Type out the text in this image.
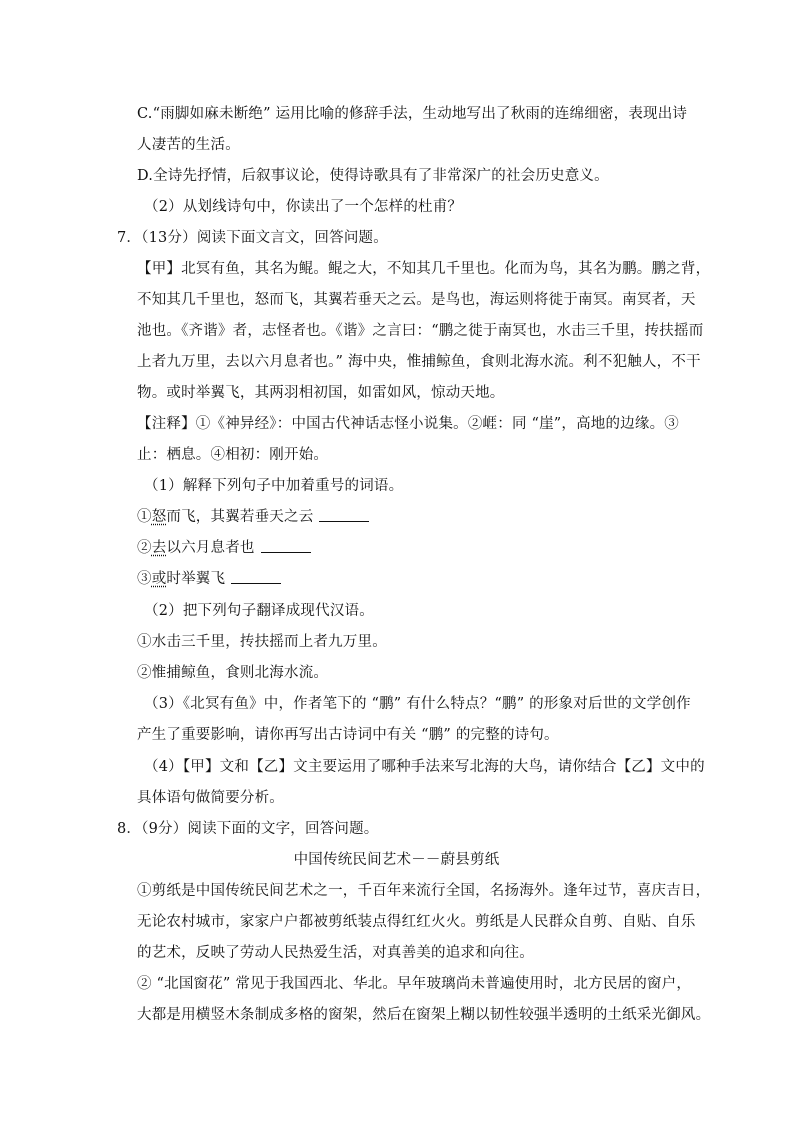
C.“雨脚如麻未断绝” 运用比喻的修辞手法，生动地写出了秋雨的连绵细密，表现出诗
人凄苦的生活。
D.全诗先抒情，后叙事议论，使得诗歌具有了非常深广的社会历史意义。
（2）从划线诗句中，你读出了一个怎样的杜甫？
7．（13分）阅读下面文言文，回答问题。
【甲】北冥有鱼，其名为鲲。鲲之大，不知其几千里也。化而为鸟，其名为鹏。鹏之背，
不知其几千里也，怒而飞，其翼若垂天之云。是鸟也，海运则将徙于南冥。南冥者，天
池也。《齐谐》者，志怪者也。《谐》之言曰：“鹏之徙于南冥也，水击三千里，抟扶摇而
上者九万里，去以六月息者也。” 海中央，惟捕鲸鱼，食则北海水流。利不犯触人，不干
物。或时举翼飞，其两羽相初国，如雷如风，惊动天地。
【注释】①《神异经》：中国古代神话志怪小说集。②崕：同 “崖”，高地的边缘。③
止：栖息。④相初：刚开始。
（1）解释下列句子中加着重号的词语。
①怒而飞，其翼若垂天之云
②去以六月息者也
③或时举翼飞
（2）把下列句子翻译成现代汉语。
①水击三千里，抟扶摇而上者九万里。
②惟捕鲸鱼，食则北海水流。
（3）《北冥有鱼》中，作者笔下的 “鹏” 有什么特点？“鹏” 的形象对后世的文学创作
产生了重要影响，请你再写出古诗词中有关 “鹏” 的完整的诗句。
（4）【甲】文和【乙】文主要运用了哪种手法来写北海的大鸟，请你结合【乙】文中的
具体语句做简要分析。
8．（9分）阅读下面的文字，回答问题。
中国传统民间艺术－－蔚县剪纸
①剪纸是中国传统民间艺术之一，千百年来流行全国，名扬海外。逢年过节，喜庆吉日，
无论农村城市，家家户户都被剪纸装点得红红火火。剪纸是人民群众自剪、自贴、自乐
的艺术，反映了劳动人民热爱生活，对真善美的追求和向往。
② “北国窗花” 常见于我国西北、华北。早年玻璃尚未普遍使用时，北方民居的窗户，
大都是用横竖木条制成多格的窗架，然后在窗架上糊以韧性较强半透明的土纸采光御风。
